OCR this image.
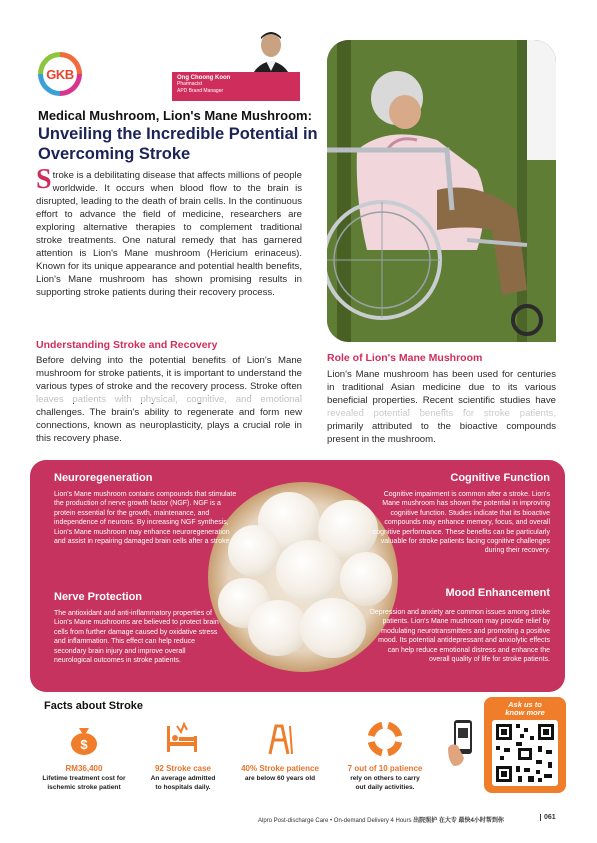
GKB	Ong Choong Koon
Pharmacist
APD Brand Manager
Medical Mushroom, Lion's Mane Mushroom:
Unveiling the Incredible Potential in Overcoming Stroke
Stroke is a debilitating disease that affects millions of people worldwide. It occurs when blood flow to the brain is disrupted, leading to the death of brain cells. In the continuous effort to advance the field of medicine, researchers are exploring alternative therapies to complement traditional stroke treatments. One natural remedy that has garnered attention is Lion's Mane mushroom (Hericium erinaceus). Known for its unique appearance and potential health benefits, Lion's Mane mushroom has shown promising results in supporting stroke patients during their recovery process.
Understanding Stroke and Recovery
Before delving into the potential benefits of Lion's Mane mushroom for stroke patients, it is important to understand the various types of stroke and the recovery process. Stroke often challenges. The brain's ability to regenerate and form new connections, known as neuroplasticity, plays a crucial role in this recovery phase.
Role of Lion's Mane Mushroom
Lion's Mane mushroom has been used for centuries in traditional Asian medicine due to its various beneficial properties. Recent scientific studies have primarily attributed to the bioactive compounds present in the mushroom.
Neuroregeneration
Lion's Mane mushroom contains compounds that stimulate the production of nerve growth factor (NGF). NGF is a protein essential for the growth, maintenance, and independence of neurons. By increasing NGF synthesis, Lion's Mane mushroom may enhance neuroregeneration and assist in repairing damaged brain cells after a stroke.
Nerve Protection
The antioxidant and anti-inflammatory properties of Lion's Mane mushrooms are believed to protect brain cells from further damage caused by oxidative stress and inflammation. This effect can help reduce secondary brain injury and improve overall neurological outcomes in stroke patients.
Cognitive Function
Cognitive impairment is common after a stroke. Lion's Mane mushroom has shown the potential in improving cognitive function. Studies indicate that its bioactive compounds may enhance memory, focus, and overall cognitive performance. These benefits can be particularly valuable for stroke patients facing cognitive challenges during their recovery.
Mood Enhancement
Depression and anxiety are common issues among stroke patients. Lion's Mane mushroom may provide relief by modulating neurotransmitters and promoting a positive mood. Its potential antidepressant and anxiolytic effects can help reduce emotional distress and enhance the overall quality of life for stroke patients.
Facts about Stroke
$
RM36,400
Lifetime treatment cost for
ischemic stroke patient
92 Stroke case
An average admitted
to hospitals daily.
40% Stroke patience
are below 60 years old
7 out of 10 patience
rely on others to carry
out daily activities.
Ask us to
know more
Alpro Post-discharge Care • On-demand Delivery 4 Hours 出院照护 在大专 最快4小时帮到你	061
